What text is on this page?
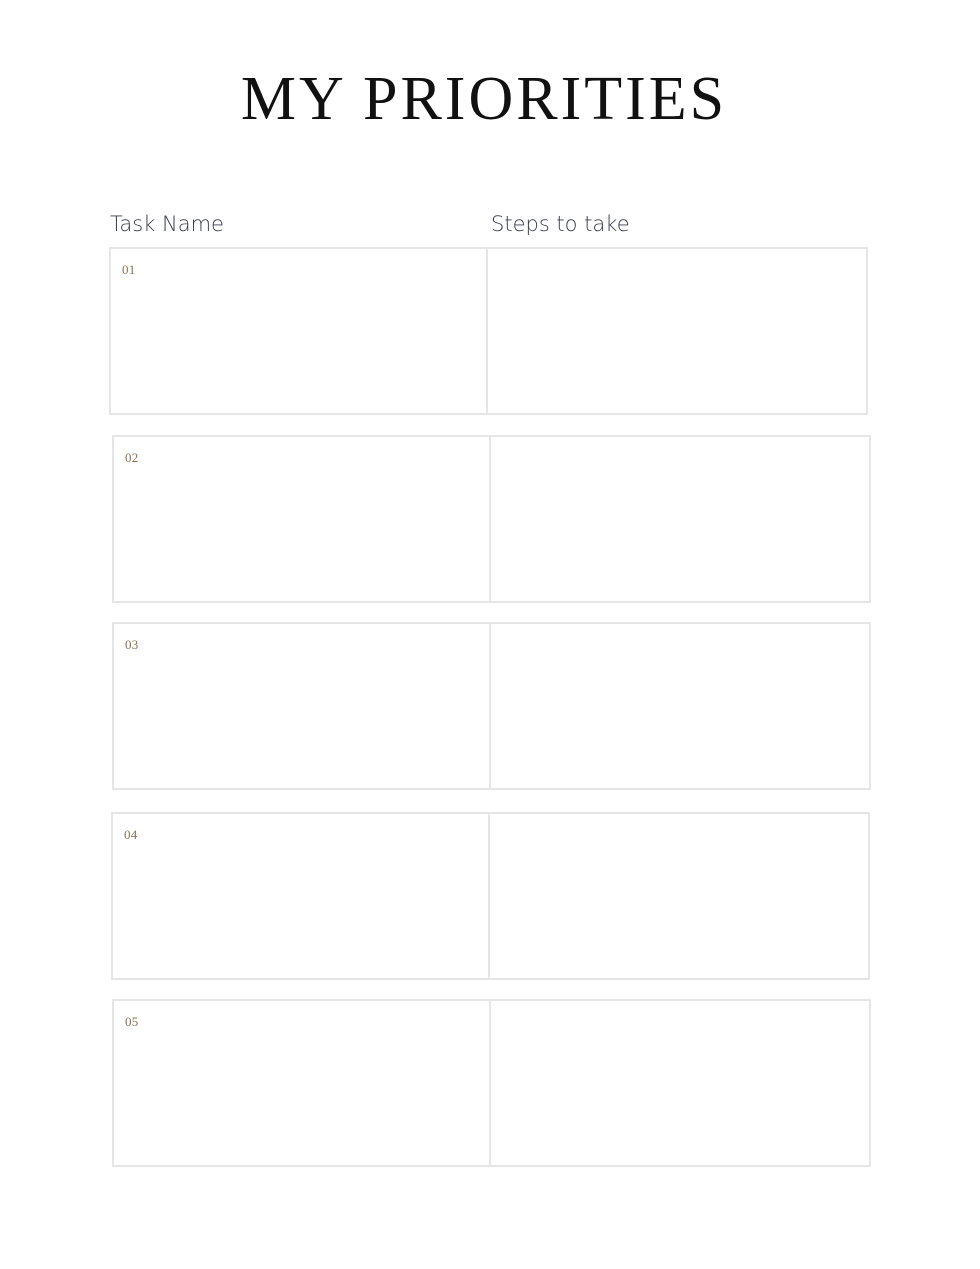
MY PRIORITIES
Task Name	Steps to take
01
02
03
04
05
